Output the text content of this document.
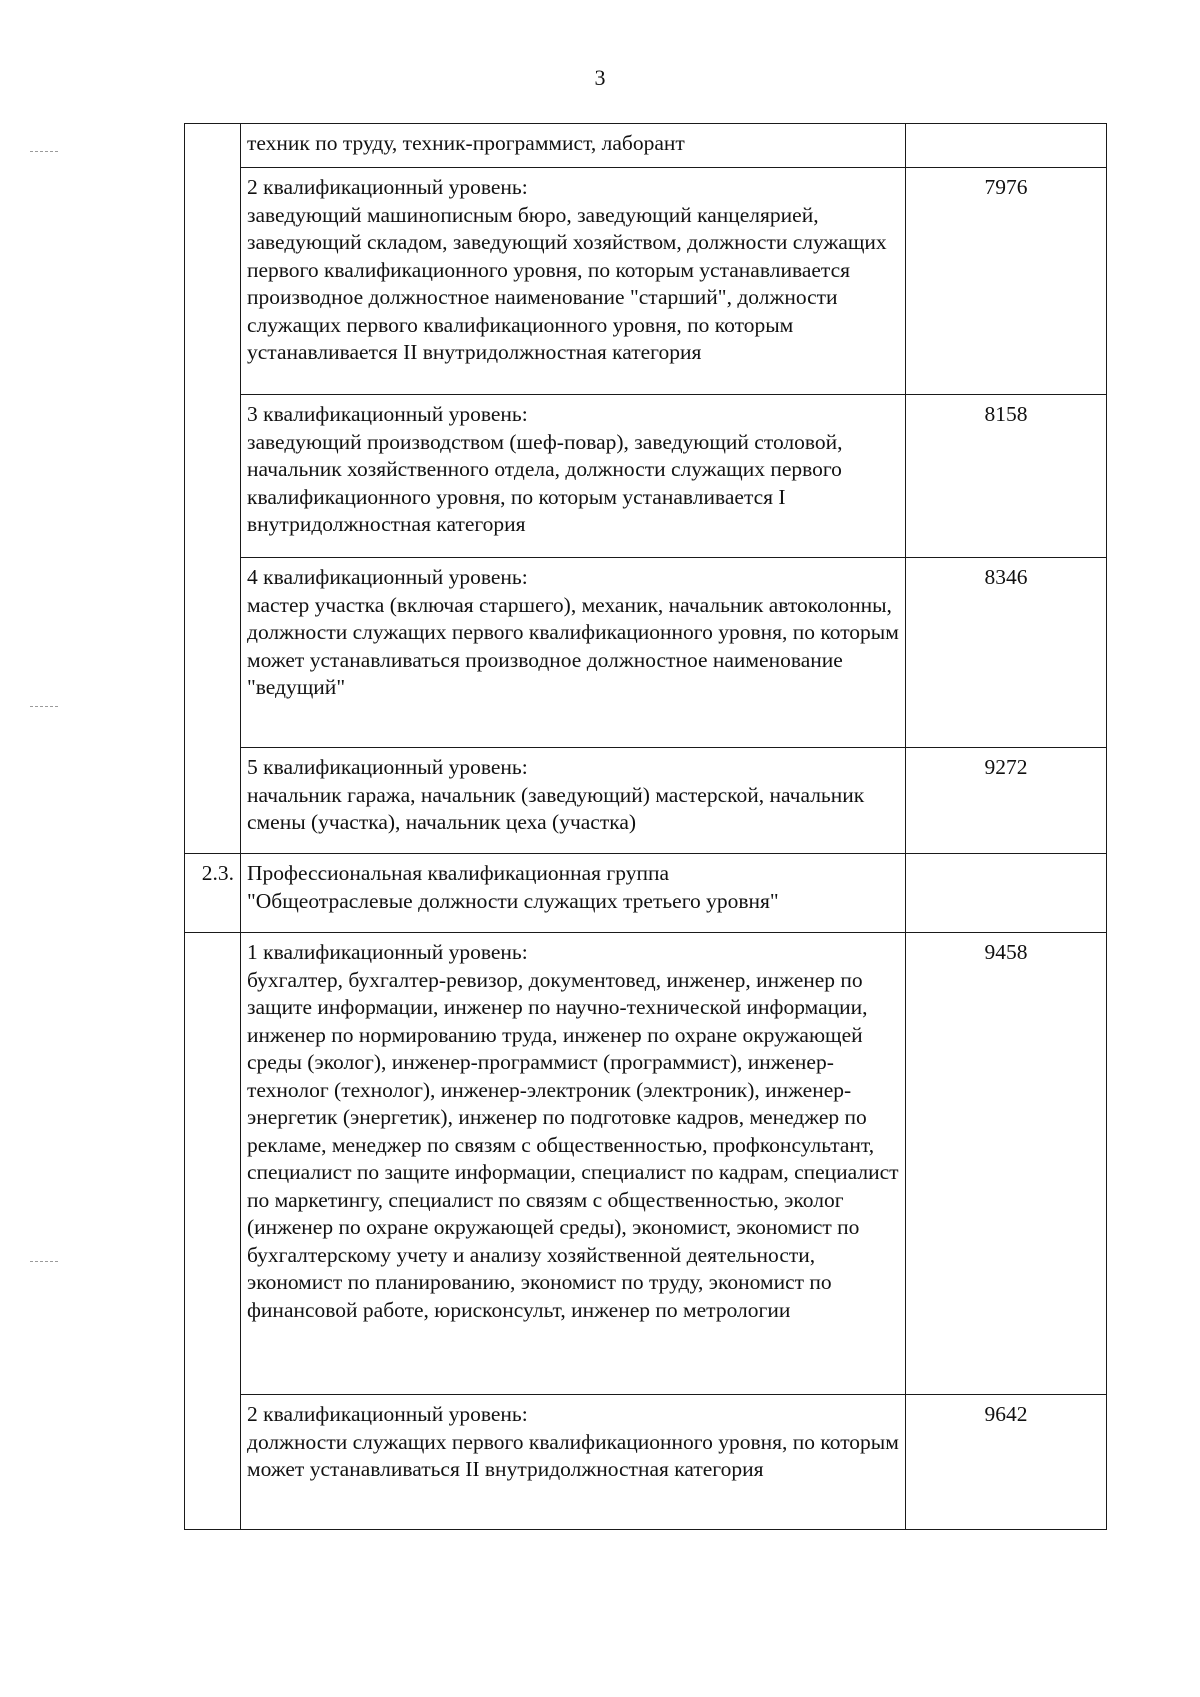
3

	техник по труду, техник-программист, лаборант	

	2 квалификационный уровень:
заведующий машинописным бюро, заведующий канцелярией, заведующий складом, заведующий хозяйством, должности служащих первого квалификационного уровня, по которым устанавливается производное должностное наименование "старший", должности служащих первого квалификационного уровня, по которым устанавливается II внутридолжностная категория	7976

	3 квалификационный уровень:
заведующий производством (шеф-повар), заведующий столовой, начальник хозяйственного отдела, должности служащих первого квалификационного уровня, по которым устанавливается I внутридолжностная категория	8158

	4 квалификационный уровень:
мастер участка (включая старшего), механик, начальник автоколонны, должности служащих первого квалификационного уровня, по которым может устанавливаться производное должностное наименование "ведущий"	8346

	5 квалификационный уровень:
начальник гаража, начальник (заведующий) мастерской, начальник смены (участка), начальник цеха (участка)	9272
2.3.	Профессиональная квалификационная группа
"Общеотраслевые должности служащих третьего уровня"	

	1 квалификационный уровень:
бухгалтер, бухгалтер-ревизор, документовед, инженер, инженер по защите информации, инженер по научно-технической информации, инженер по нормированию труда, инженер по охране окружающей среды (эколог), инженер-программист (программист), инженер-технолог (технолог), инженер-электроник (электроник), инженер-энергетик (энергетик), инженер по подготовке кадров, менеджер по рекламе, менеджер по связям с общественностью, профконсультант, специалист по защите информации, специалист по кадрам, специалист по маркетингу, специалист по связям с общественностью, эколог (инженер по охране окружающей среды), экономист, экономист по бухгалтерскому учету и анализу хозяйственной деятельности, экономист по планированию, экономист по труду, экономист по финансовой работе, юрисконсульт, инженер по метрологии	9458

	2 квалификационный уровень:
должности служащих первого квалификационного уровня, по которым может устанавливаться II внутридолжностная категория	9642
